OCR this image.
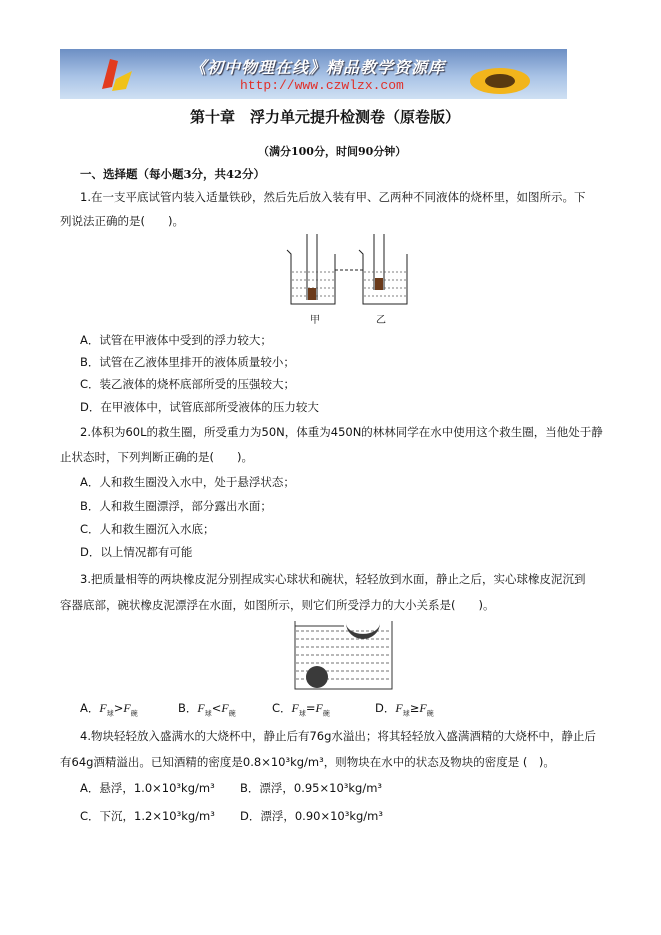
《初中物理在线》精品教学资源库
http://www.czwlzx.com
第十章　浮力单元提升检测卷（原卷版）
（满分100分，时间90分钟）
一、选择题（每小题3分，共42分）
1.在一支平底试管内装入适量铁砂，然后先后放入装有甲、乙两种不同液体的烧杯里，如图所示。下
列说法正确的是(　　)。
甲	乙
A．试管在甲液体中受到的浮力较大；
B．试管在乙液体里排开的液体质量较小；
C．装乙液体的烧杯底部所受的压强较大；
D．在甲液体中，试管底部所受液体的压力较大
2.体积为60L的救生圈，所受重力为50N，体重为450N的林林同学在水中使用这个救生圈，当他处于静
止状态时，下列判断正确的是(　　)。
A．人和救生圈没入水中，处于悬浮状态；
B．人和救生圈漂浮，部分露出水面；
C．人和救生圈沉入水底；
D．以上情况都有可能
3.把质量相等的两块橡皮泥分别捏成实心球状和碗状，轻轻放到水面，静止之后，实心球橡皮泥沉到
容器底部，碗状橡皮泥漂浮在水面，如图所示，则它们所受浮力的大小关系是(　　)。
A．$F_球>F_碗$	B．$F_球<F_碗$	C．$F_球=F_碗$	D．$F_球\ge F_碗$
4.物块轻轻放入盛满水的大烧杯中，静止后有76g水溢出；将其轻轻放入盛满酒精的大烧杯中，静止后
有64g酒精溢出。已知酒精的密度是0.8×10³kg/m³，则物块在水中的状态及物块的密度是 (　)。
A．悬浮，1.0×10³kg/m³ B．漂浮，0.95×10³kg/m³
C．下沉，1.2×10³kg/m³ D．漂浮，0.90×10³kg/m³
